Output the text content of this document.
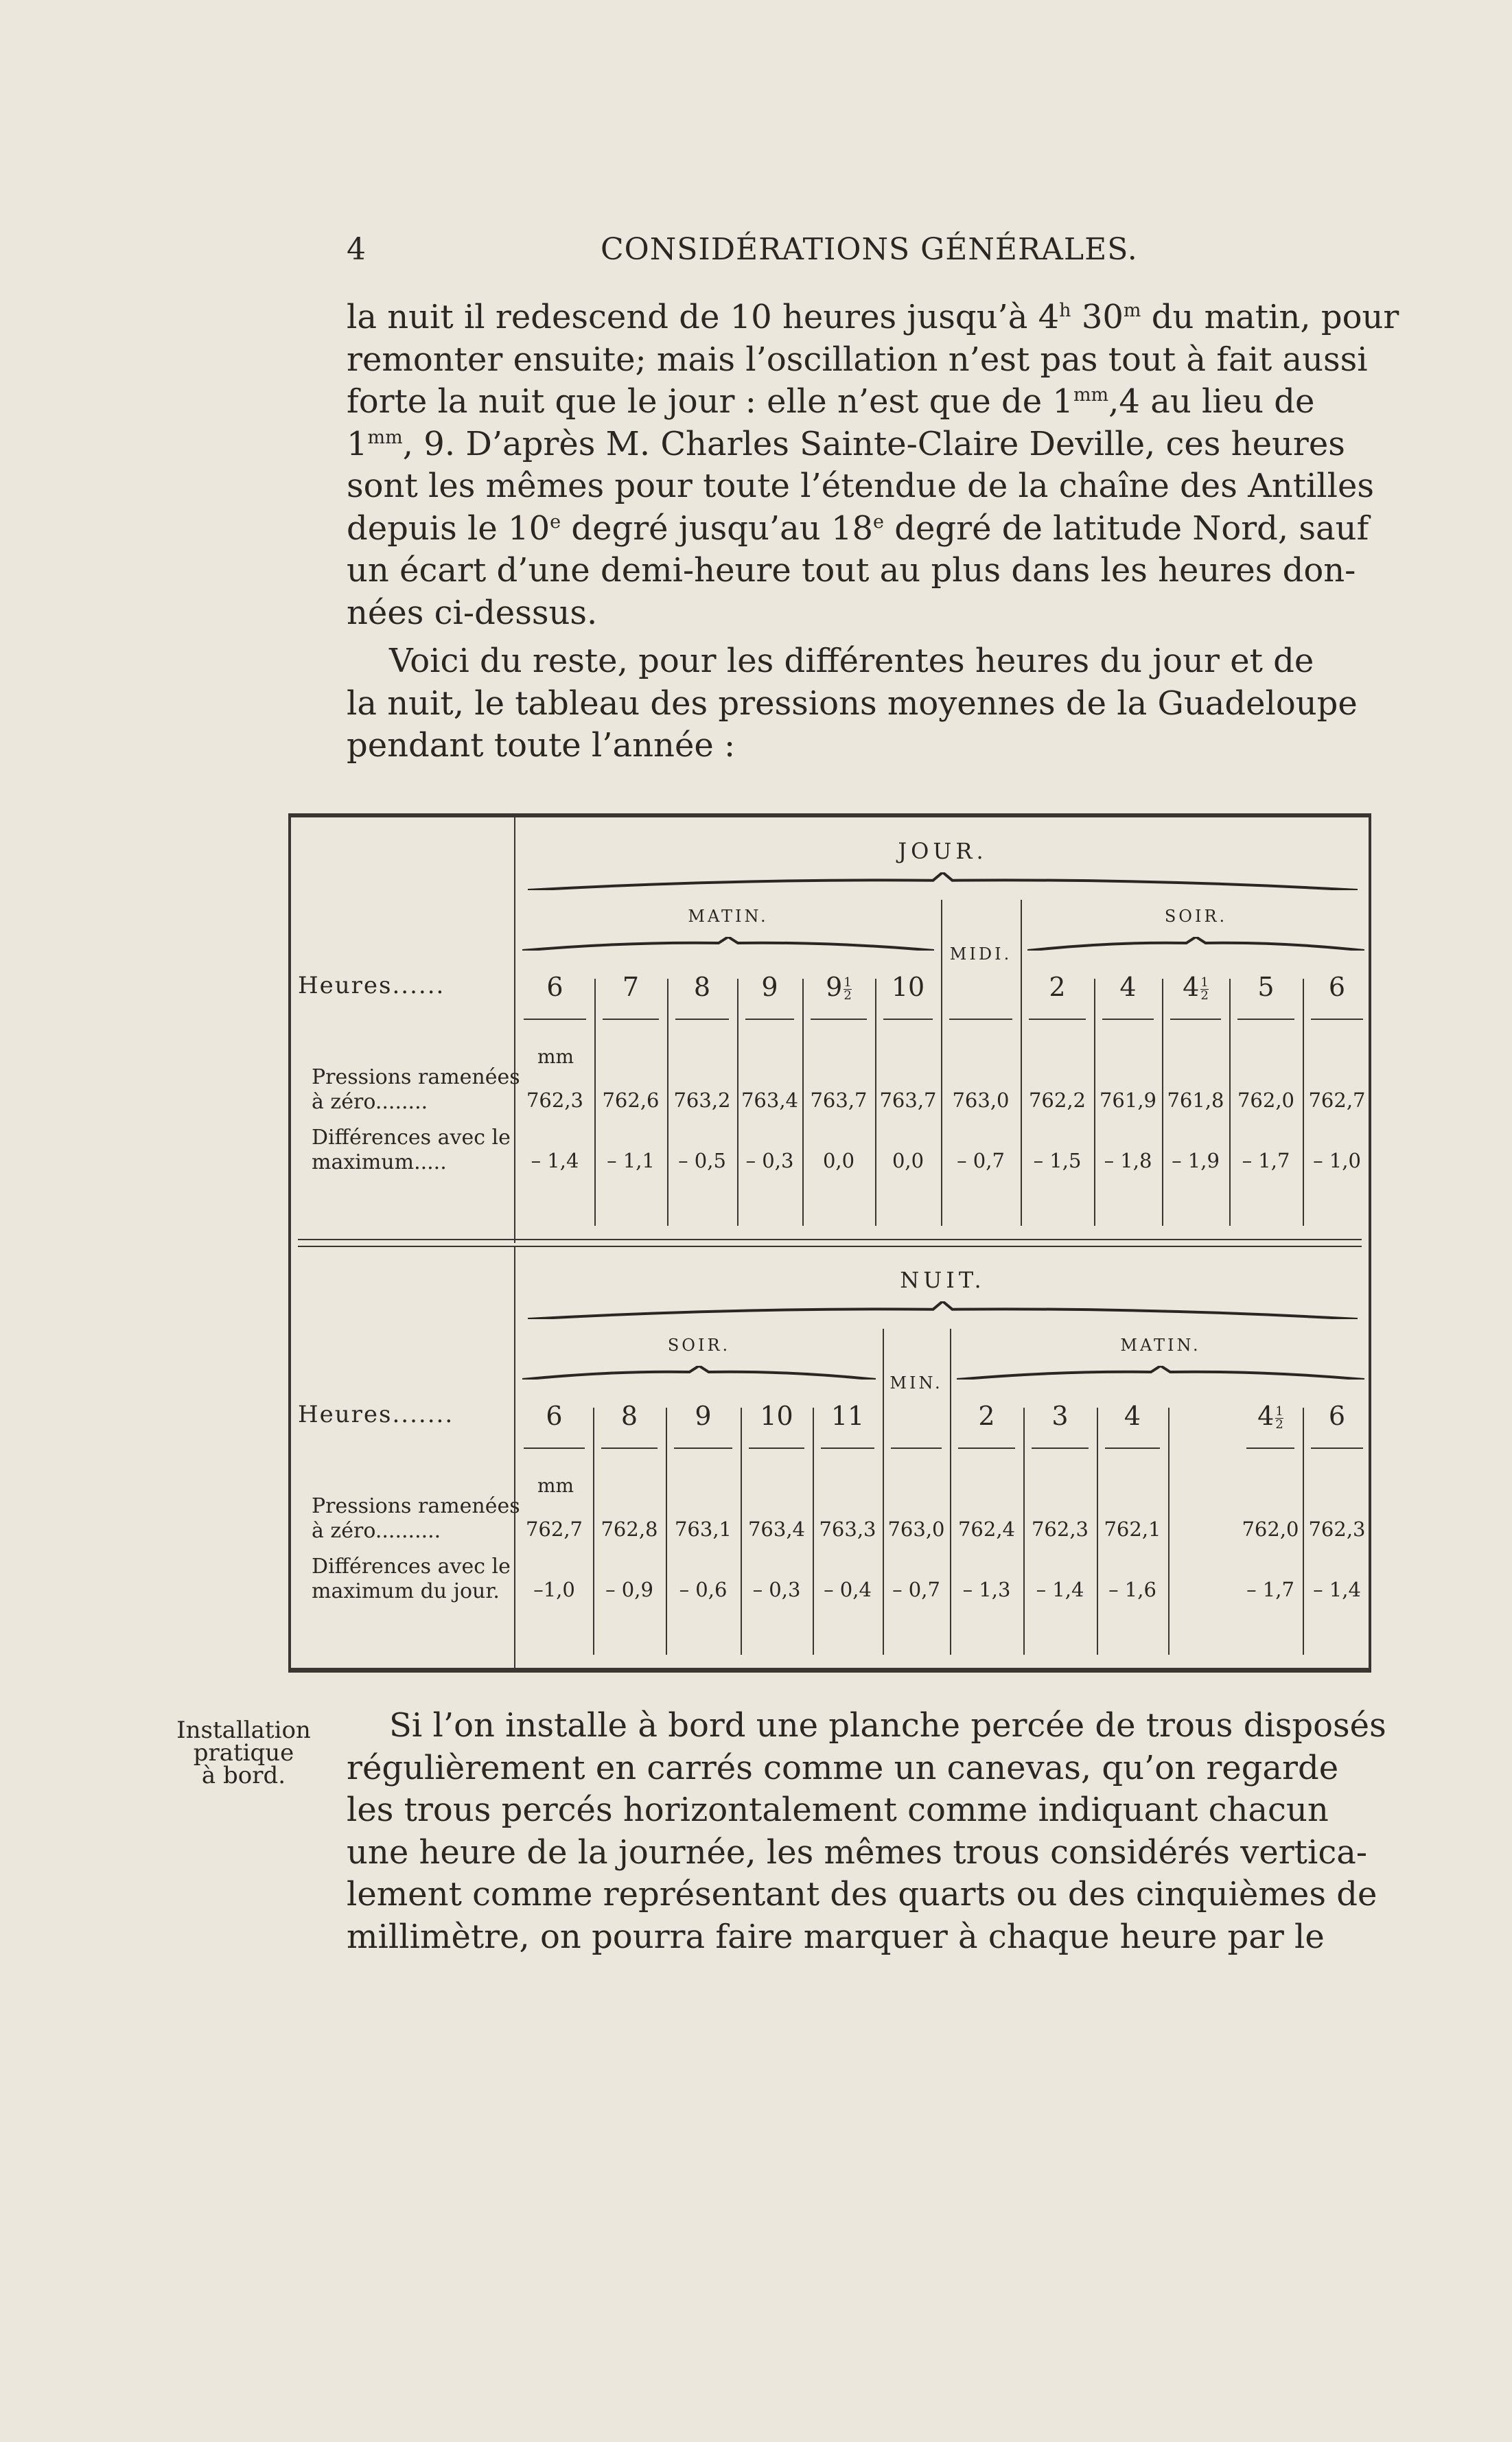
4	CONSIDÉRATIONS GÉNÉRALES.
la nuit il redescend de 10 heures jusqu’à 4$^h$ 30$^m$ du matin, pour
remonter ensuite; mais l’oscillation n’est pas tout à fait aussi
forte la nuit que le jour : elle n’est que de $1^{mm},4$ au lieu de
$1^{mm}$, 9. D’après M. Charles Sainte-Claire Deville, ces heures
sont les mêmes pour toute l’étendue de la chaîne des Antilles
depuis le 10e degré jusqu’au 18e degré de latitude Nord, sauf
un écart d’une demi-heure tout au plus dans les heures don-
nées ci-dessus.
Voici du reste, pour les différentes heures du jour et de
la nuit, le tableau des pressions moyennes de la Guadeloupe
pendant toute l’année :
JOUR.
MATIN.
MIDI.
SOIR.
Heures......
Pressions ramenées
à zéro........
Différences avec le
maximum.....
mm
6
762,3
– 1,4
7
762,6
– 1,1
8
763,2
– 0,5
9
763,4
– 0,3
$9 \frac{1}{2}$
763,7
0,0
10
763,7
0,0
763,0
– 0,7
2
762,2
– 1,5
4
761,9
– 1,8
$4 \frac{1}{2}$
761,8
– 1,9
5
762,0
– 1,7
6
762,7
– 1,0
NUIT.
SOIR.
MIN.
MATIN.
Heures.......
Pressions ramenées
à zéro..........
Différences avec le
maximum du jour.
mm
6
762,7
–1,0
8
762,8
– 0,9
9
763,1
– 0,6
10
763,4
– 0,3
11
763,3
– 0,4
763,0
– 0,7
2
762,4
– 1,3
3
762,3
– 1,4
4
762,1
– 1,6
$4 \frac{1}{2}$
762,0
– 1,7
6
762,3
– 1,4
Installation
pratique
à bord.
Si l’on installe à bord une planche percée de trous disposés
régulièrement en carrés comme un canevas, qu’on regarde
les trous percés horizontalement comme indiquant chacun
une heure de la journée, les mêmes trous considérés vertica-
lement comme représentant des quarts ou des cinquièmes de
millimètre, on pourra faire marquer à chaque heure par le
